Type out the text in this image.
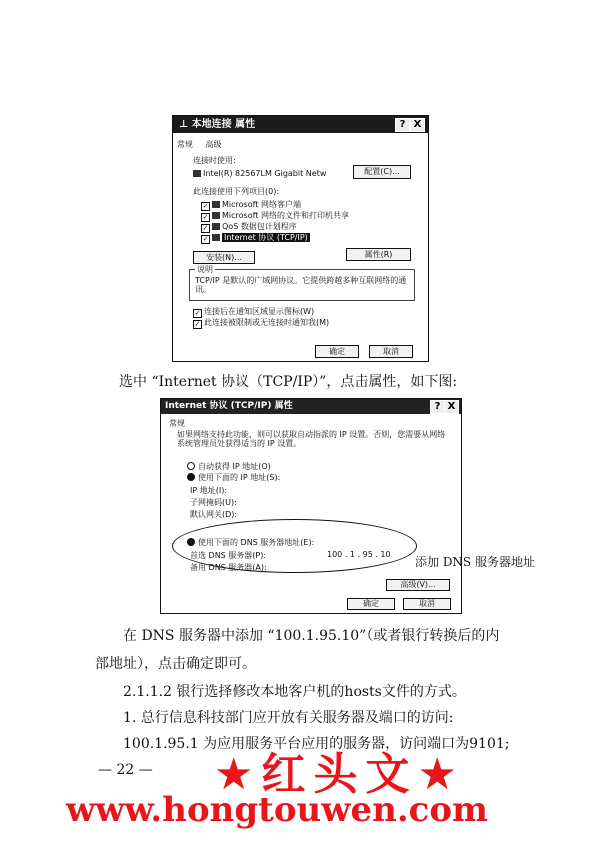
⊥ 本地连接 属性	? X
常规 高级
连接时使用:
Intel(R) 82567LM Gigabit Netw	配置(C)...
此连接使用下列项目(0):
✓ Microsoft 网络客户端
✓ Microsoft 网络的文件和打印机共享
✓ QoS 数据包计划程序
✓ Internet 协议 (TCP/IP)
安装(N)...	属性(R)
说明
TCP/IP 是默认的广域网协议。它提供跨越多种互联网络的通讯。
✓ 连接后在通知区域显示图标(W)
✓ 此连接被限制或无连接时通知我(M)
确定	取消
选中 “Internet 协议（TCP/IP）”，点击属性，如下图:
Internet 协议 (TCP/IP) 属性	? X
常规
如果网络支持此功能，则可以获取自动指派的 IP 设置。否则，您需要从网络系统管理员处获得适当的 IP 设置。
自动获得 IP 地址(O)
使用下面的 IP 地址(S):
IP 地址(I):
子网掩码(U):
默认网关(D):
使用下面的 DNS 服务器地址(E):
首选 DNS 服务器(P):	100 . 1 . 95 . 10
备用 DNS 服务器(A):
高级(V)...
确定	取消
添加 DNS 服务器地址
在 DNS 服务器中添加 “100.1.95.10”（或者银行转换后的内
部地址），点击确定即可。
2.1.1.2 银行选择修改本地客户机的hosts文件的方式。
1. 总行信息科技部门应开放有关服务器及端口的访问:
100.1.95.1 为应用服务平台应用的服务器，访问端口为9101;
— 22 — ★红头文★
www.hongtouwen.com
